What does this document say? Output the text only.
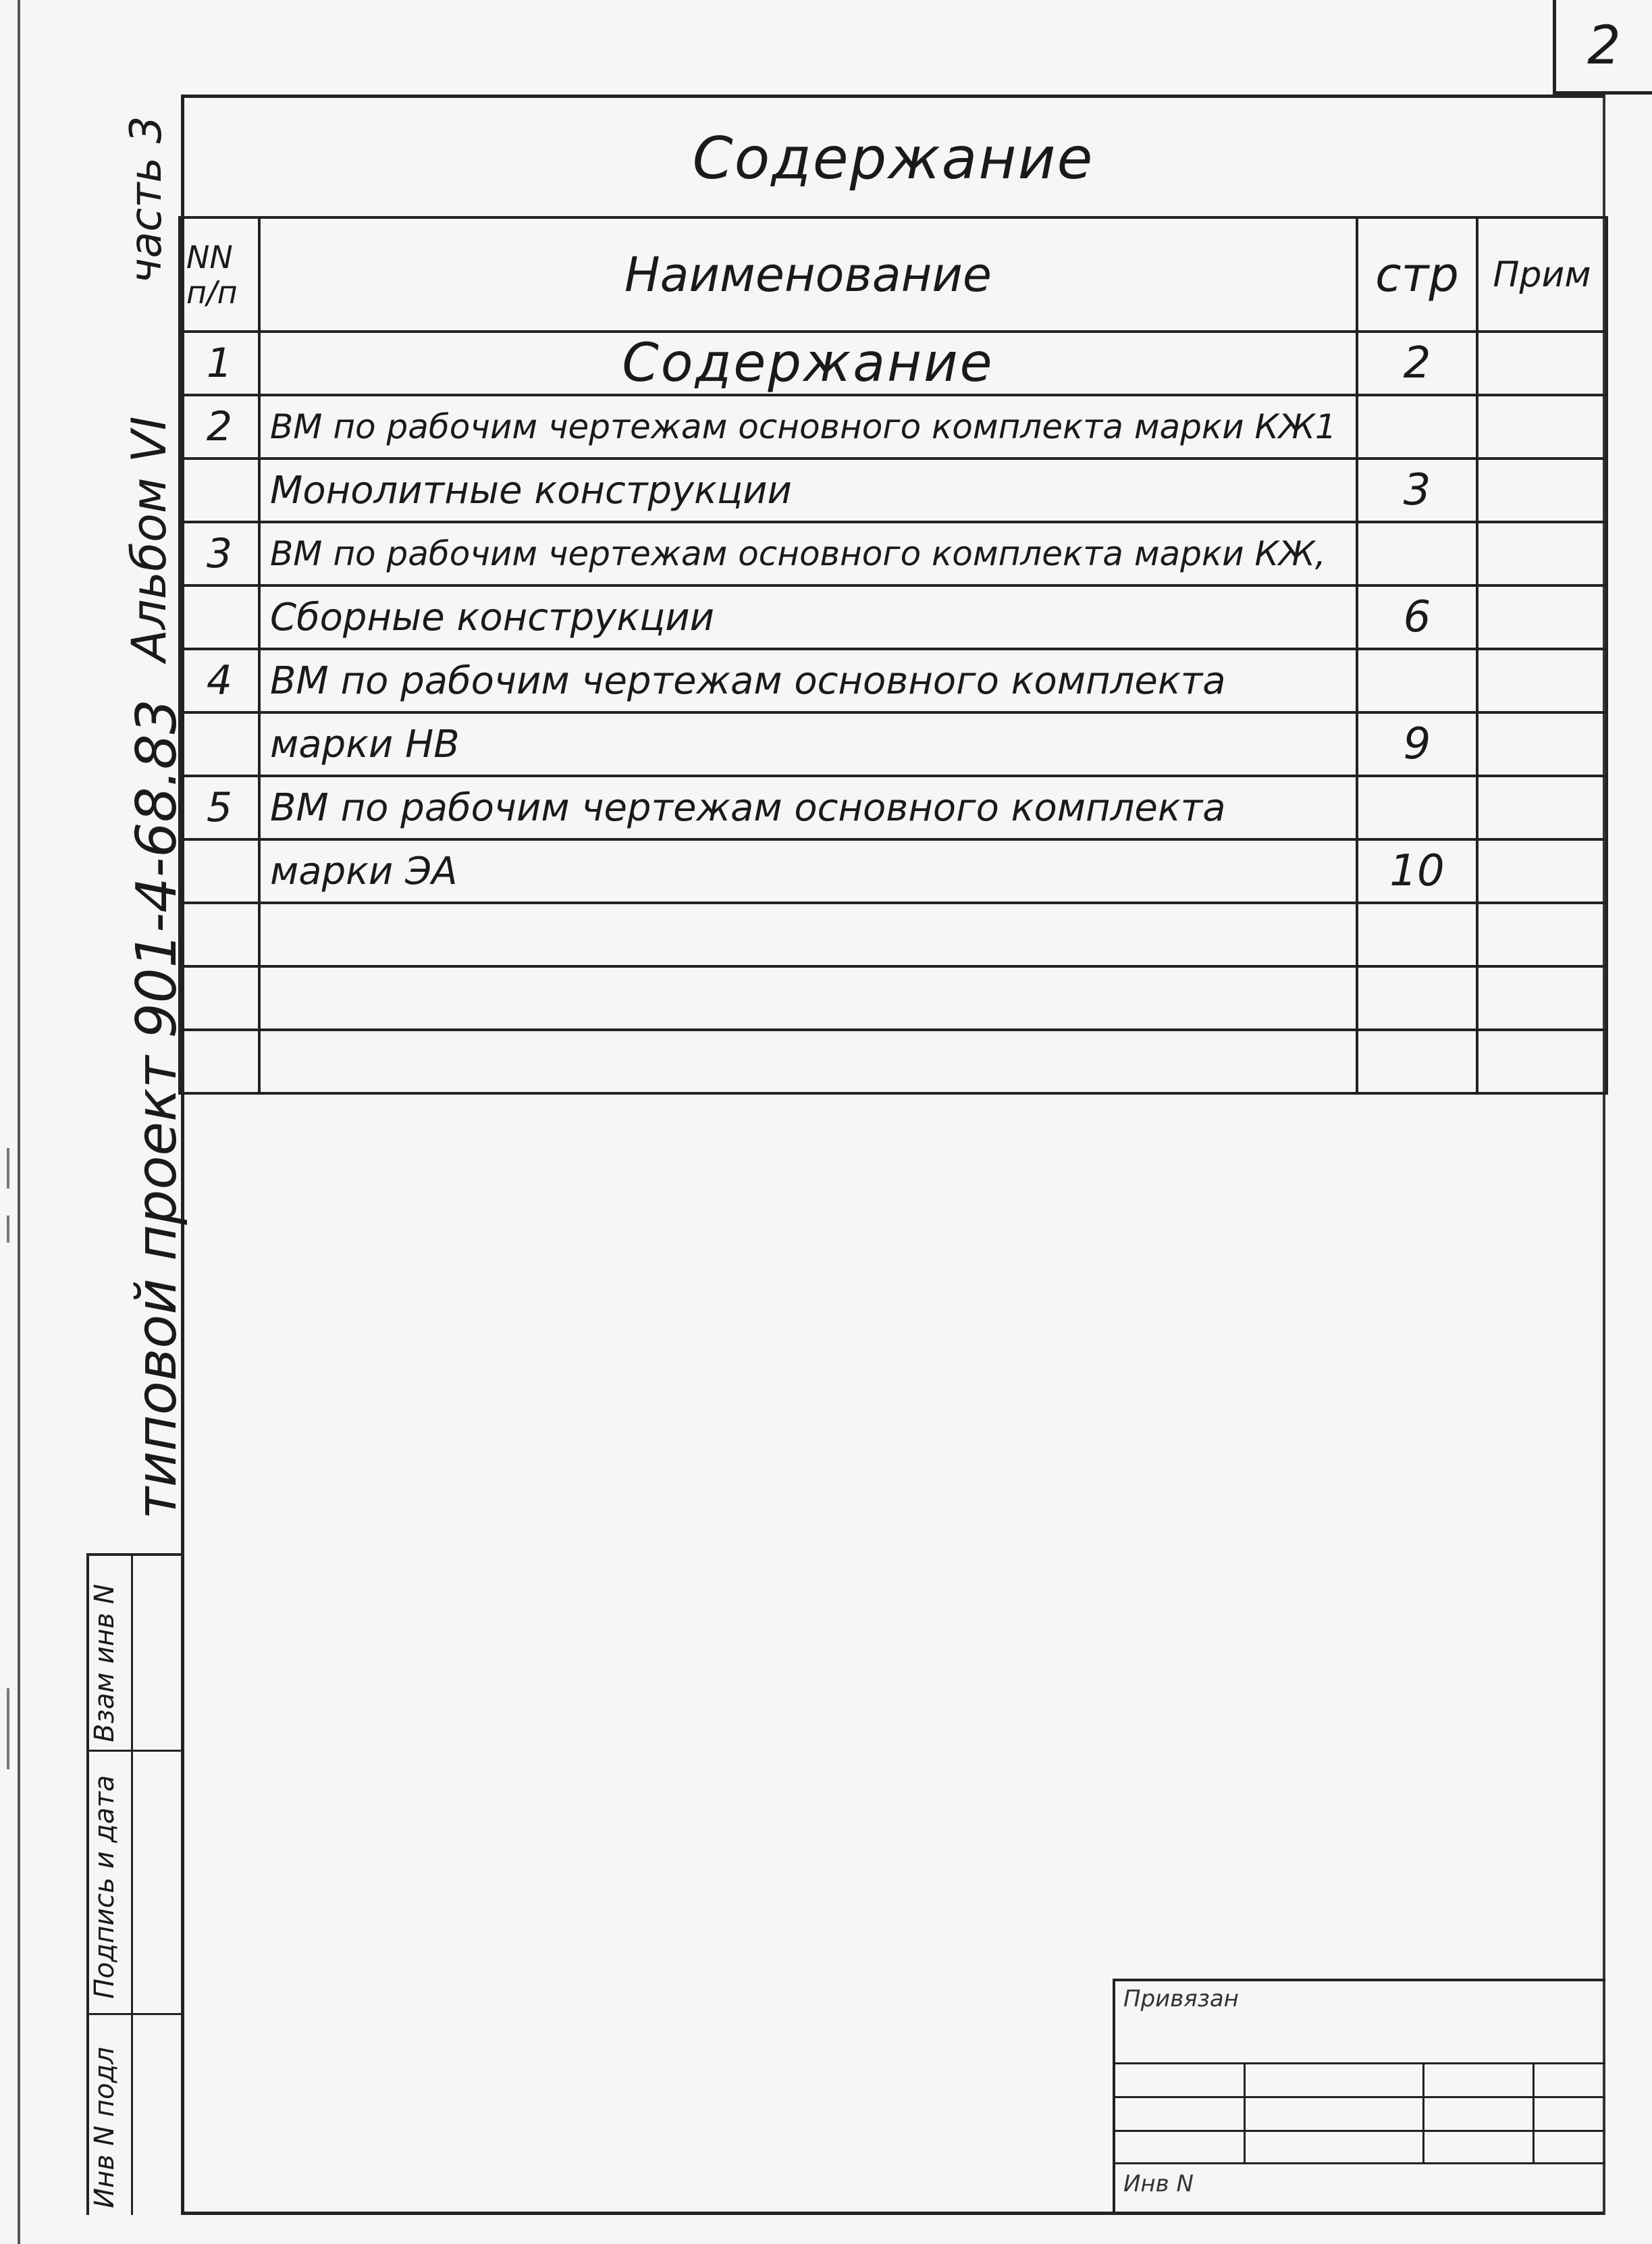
2
Содержание
часть 3
Альбом VI
типовой проект 901-4-68.83
NN п/п	Наименование	стр	Прим
1	Содержание	2	
2	ВМ по рабочим чертежам основного комплекта марки КЖ1		
	Монолитные конструкции	3	
3	ВМ по рабочим чертежам основного комплекта марки КЖ,		
	Сборные конструкции	6	
4	ВМ по рабочим чертежам основного комплекта		
	марки НВ	9	
5	ВМ по рабочим чертежам основного комплекта		
	марки ЭА	10	

Инв N подл
Подпись и дата
Взам инв N
Привязан
Инв N
